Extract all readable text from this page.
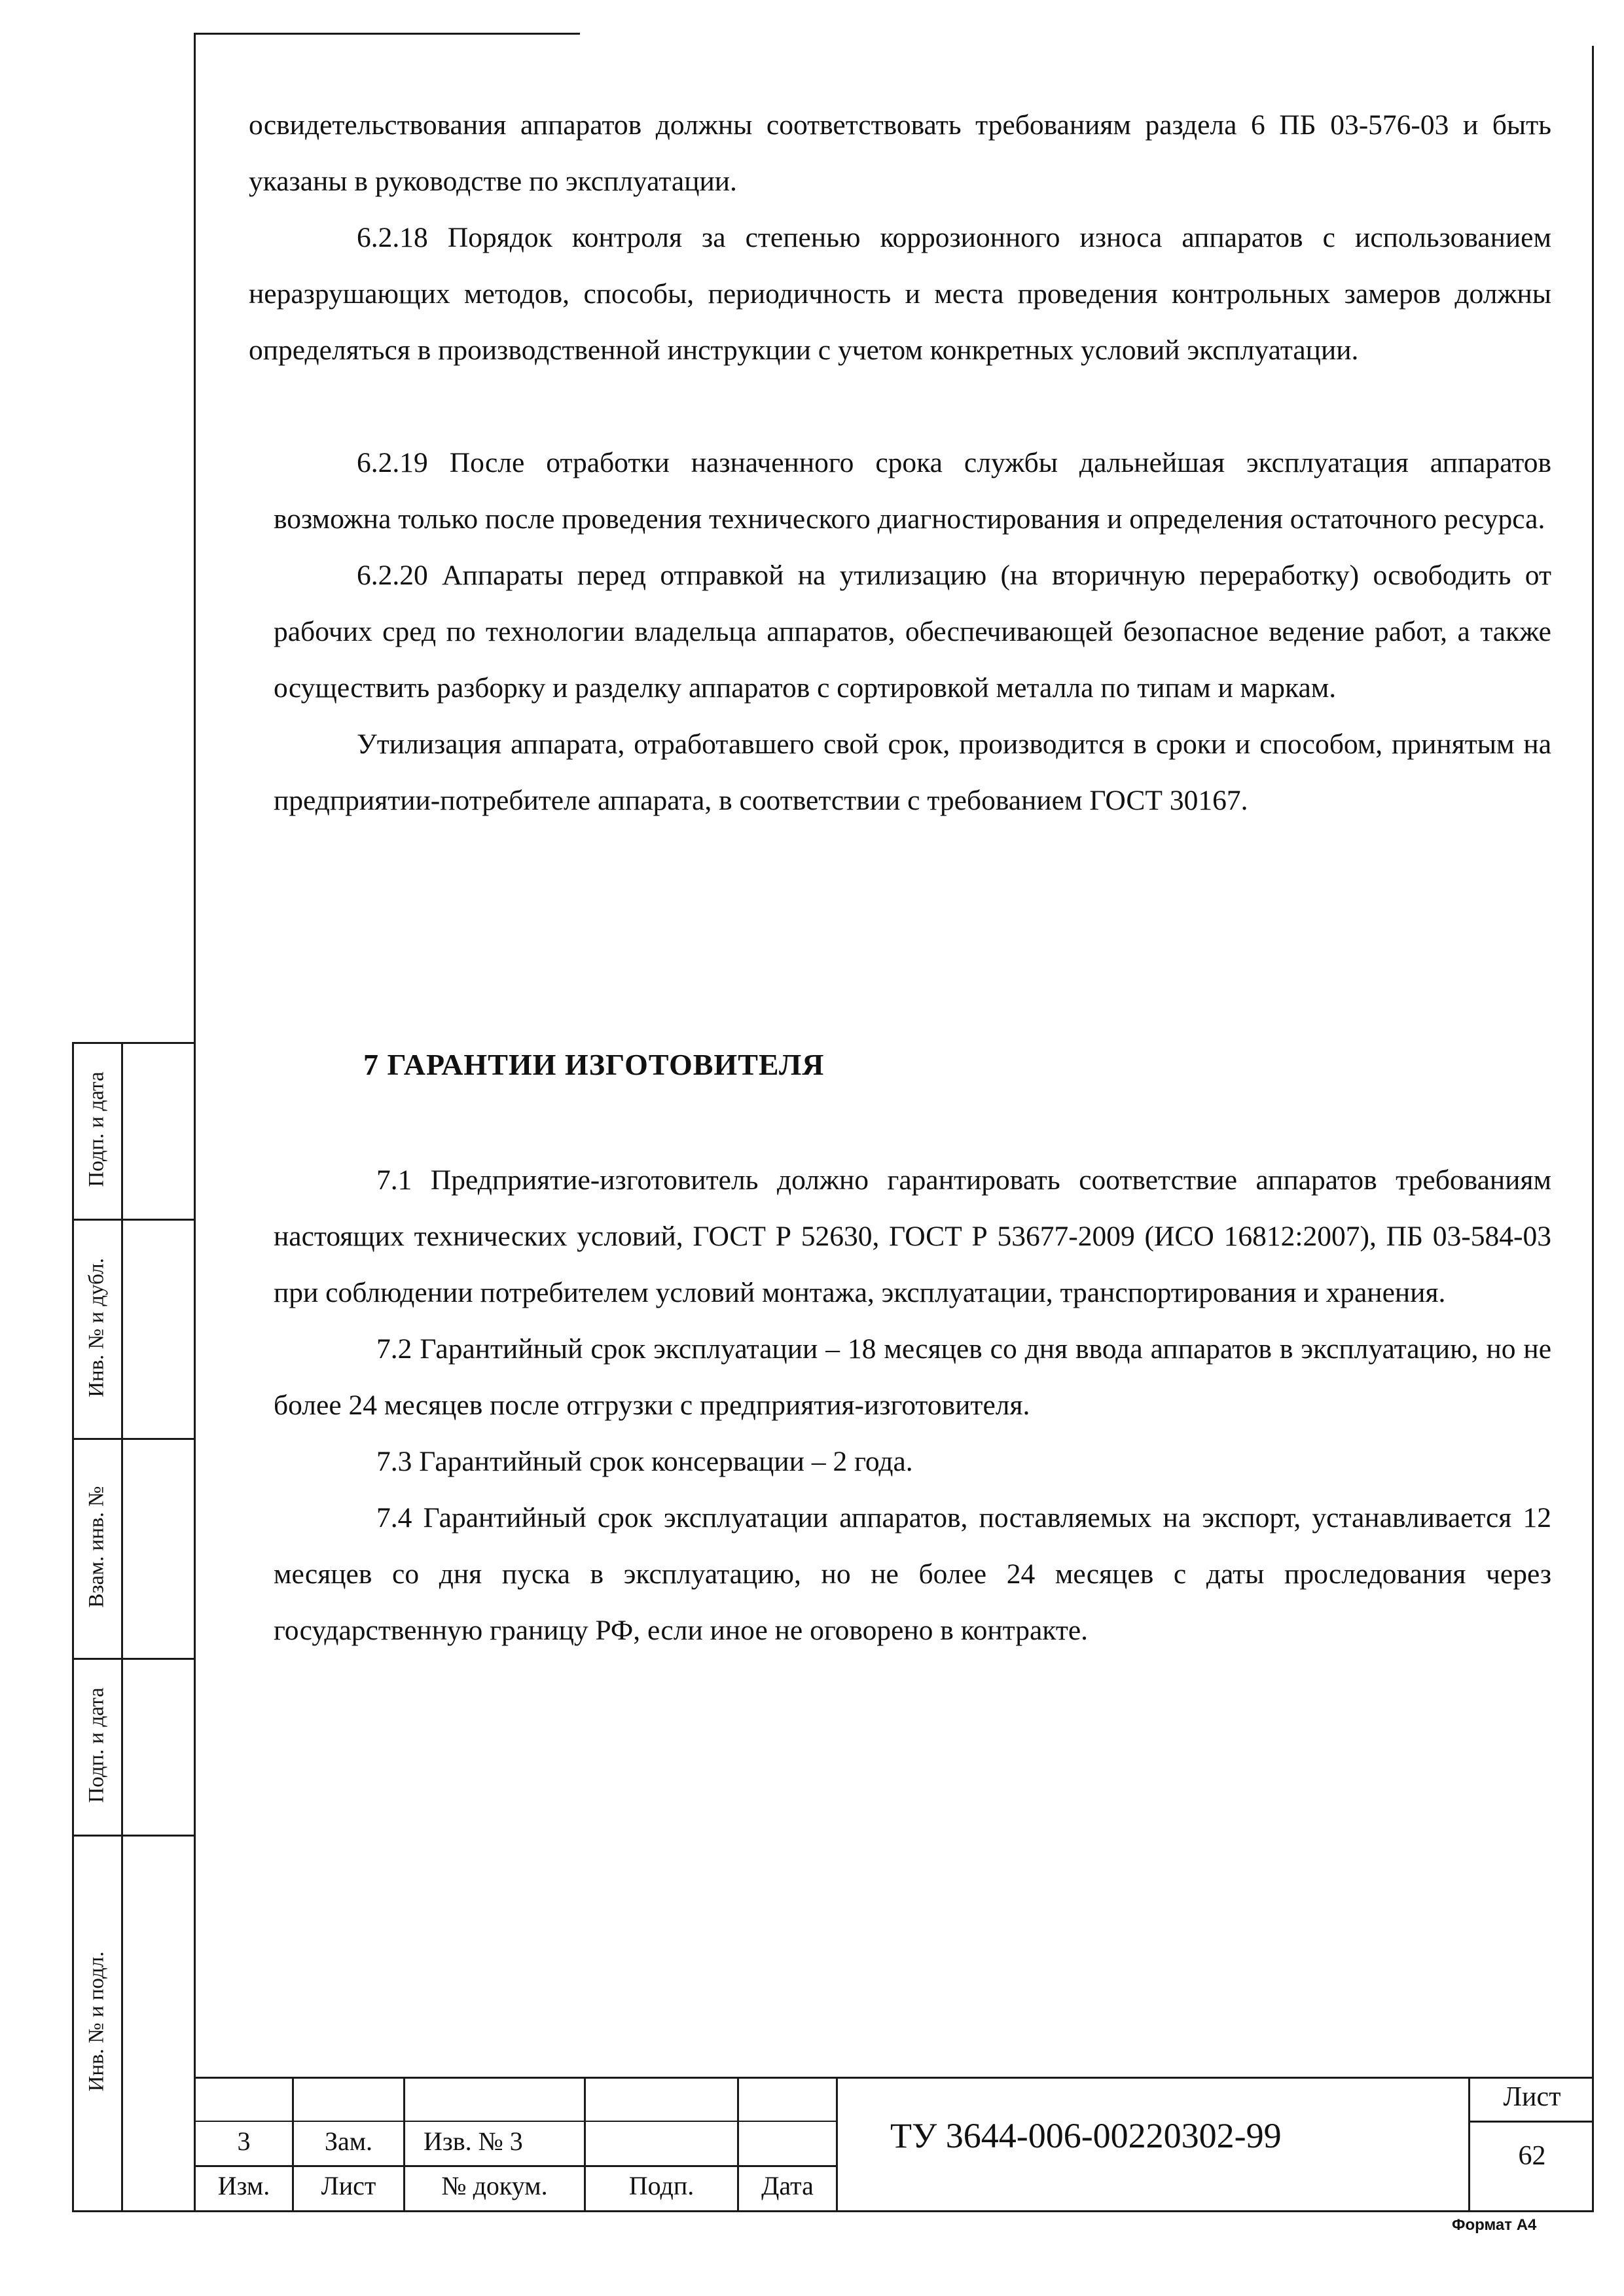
освидетельствования аппаратов должны соответствовать требованиям раздела 6 ПБ 03-576-03 и быть указаны в руководстве по эксплуатации.

6.2.18 Порядок контроля за степенью коррозионного износа аппаратов с использованием неразрушающих методов, способы, периодичность и места проведения контрольных замеров должны определяться в производственной инструкции с учетом конкретных условий эксплуатации.

6.2.19 После отработки назначенного срока службы дальнейшая эксплуатация аппаратов возможна только после проведения технического диагностирования и определения остаточного ресурса.

6.2.20 Аппараты перед отправкой на утилизацию (на вторичную переработку) освободить от рабочих сред по технологии владельца аппаратов, обеспечивающей безопасное ведение работ, а также осуществить разборку и разделку аппаратов с сортировкой металла по типам и маркам.

Утилизация аппарата, отработавшего свой срок, производится в сроки и способом, принятым на предприятии-потребителе аппарата, в соответствии с требованием ГОСТ 30167.

7 ГАРАНТИИ ИЗГОТОВИТЕЛЯ

7.1 Предприятие-изготовитель должно гарантировать соответствие аппаратов требованиям настоящих технических условий, ГОСТ Р 52630, ГОСТ Р 53677-2009 (ИСО 16812:2007), ПБ 03-584-03 при соблюдении потребителем условий монтажа, эксплуатации, транспортирования и хранения.

7.2 Гарантийный срок эксплуатации – 18 месяцев со дня ввода аппаратов в эксплуатацию, но не более 24 месяцев после отгрузки с предприятия-изготовителя.

7.3 Гарантийный срок консервации – 2 года.

7.4 Гарантийный срок эксплуатации аппаратов, поставляемых на экспорт, устанавливается 12 месяцев со дня пуска в эксплуатацию, но не более 24 месяцев с даты проследования через государственную границу РФ, если иное не оговорено в контракте.

Подп. и дата
Инв. № и дубл.
Взам. инв. №
Подп. и дата
Инв. № и подл.
3	Зам.	Изв. № 3
Изм.	Лист	№ докум.	Подп.	Дата
ТУ 3644-006-00220302-99
Лист
62
Формат А4
